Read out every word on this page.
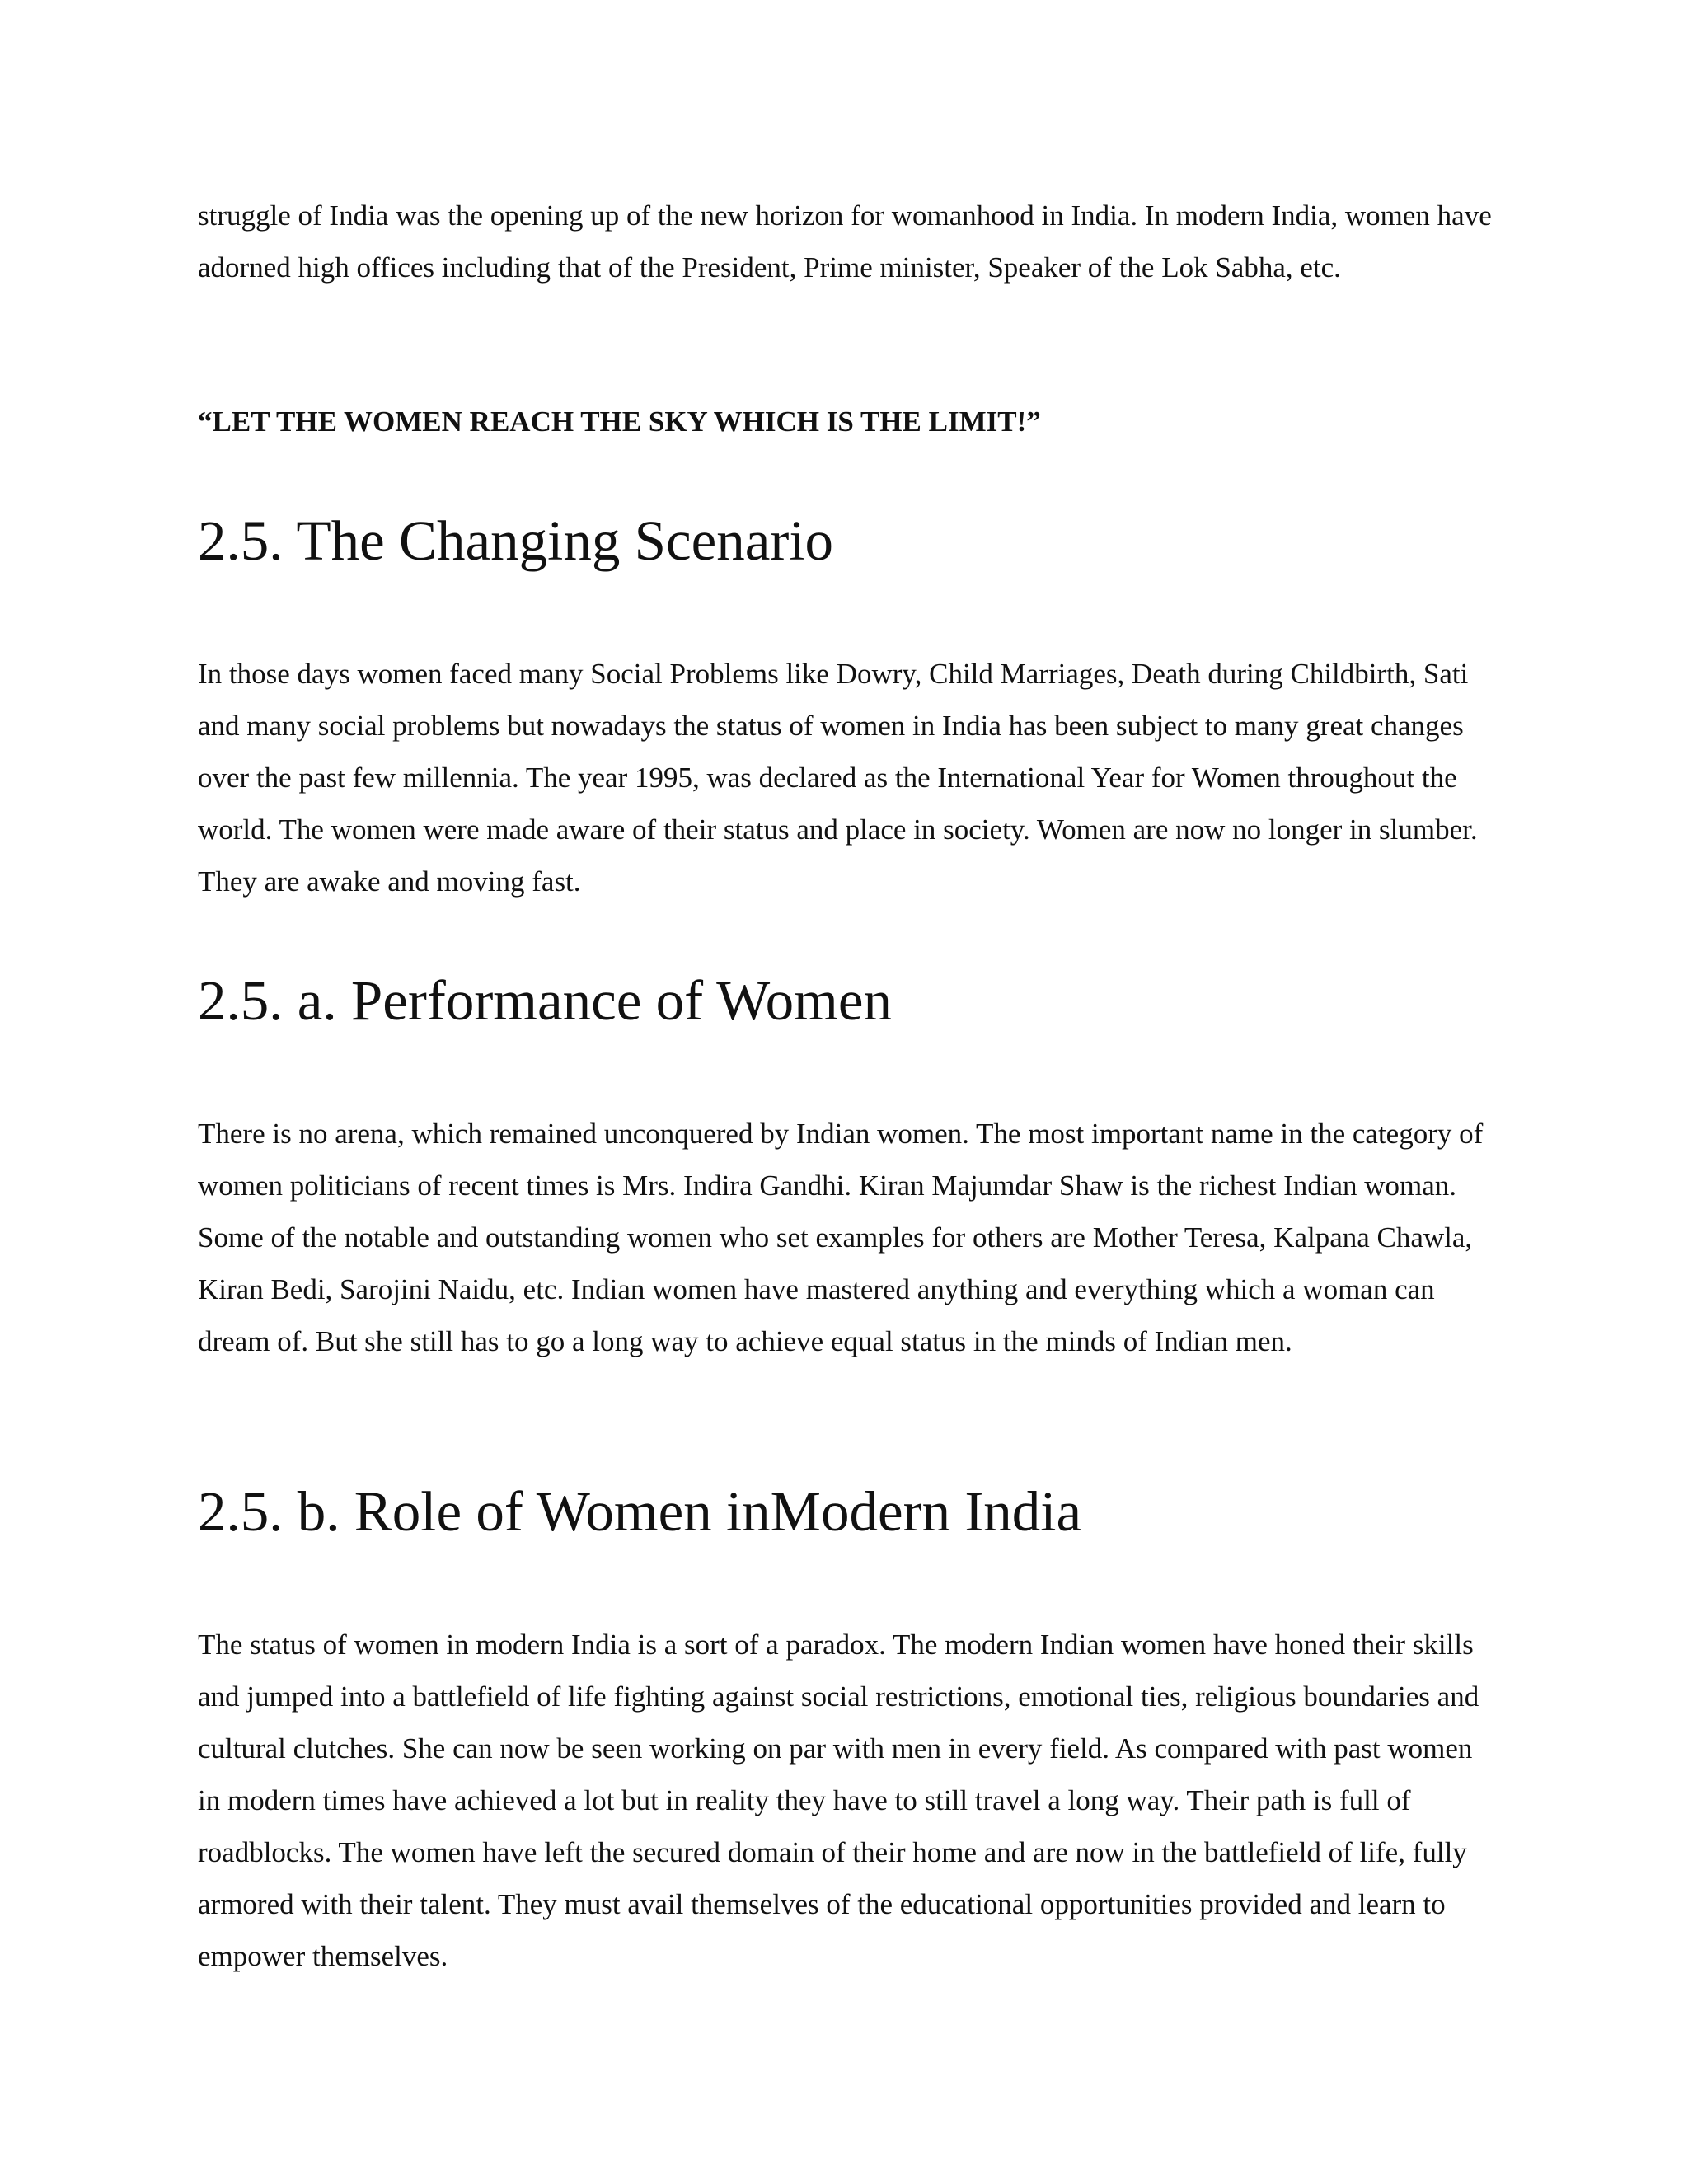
struggle of India was the opening up of the new horizon for womanhood in India. In modern India, women have adorned high offices including that of the President, Prime minister, Speaker of the Lok Sabha, etc.

“LET THE WOMEN REACH THE SKY WHICH IS THE LIMIT!”

2.5. The Changing Scenario

In those days women faced many Social Problems like Dowry, Child Marriages, Death during Childbirth, Sati and many social problems but nowadays the status of women in India has been subject to many great changes over the past few millennia. The year 1995, was declared as the International Year for Women throughout the world. The women were made aware of their status and place in society. Women are now no longer in slumber. They are awake and moving fast.

2.5. a. Performance of Women

There is no arena, which remained unconquered by Indian women. The most important name in the category of women politicians of recent times is Mrs. Indira Gandhi. Kiran Majumdar Shaw is the richest Indian woman. Some of the notable and outstanding women who set examples for others are Mother Teresa, Kalpana Chawla, Kiran Bedi, Sarojini Naidu, etc. Indian women have mastered anything and everything which a woman can dream of. But she still has to go a long way to achieve equal status in the minds of Indian men.

2.5. b. Role of Women inModern India

The status of women in modern India is a sort of a paradox. The modern Indian women have honed their skills and jumped into a battlefield of life fighting against social restrictions, emotional ties, religious boundaries and cultural clutches. She can now be seen working on par with men in every field. As compared with past women in modern times have achieved a lot but in reality they have to still travel a long way. Their path is full of roadblocks. The women have left the secured domain of their home and are now in the battlefield of life, fully armored with their talent. They must avail themselves of the educational opportunities provided and learn to empower themselves.
